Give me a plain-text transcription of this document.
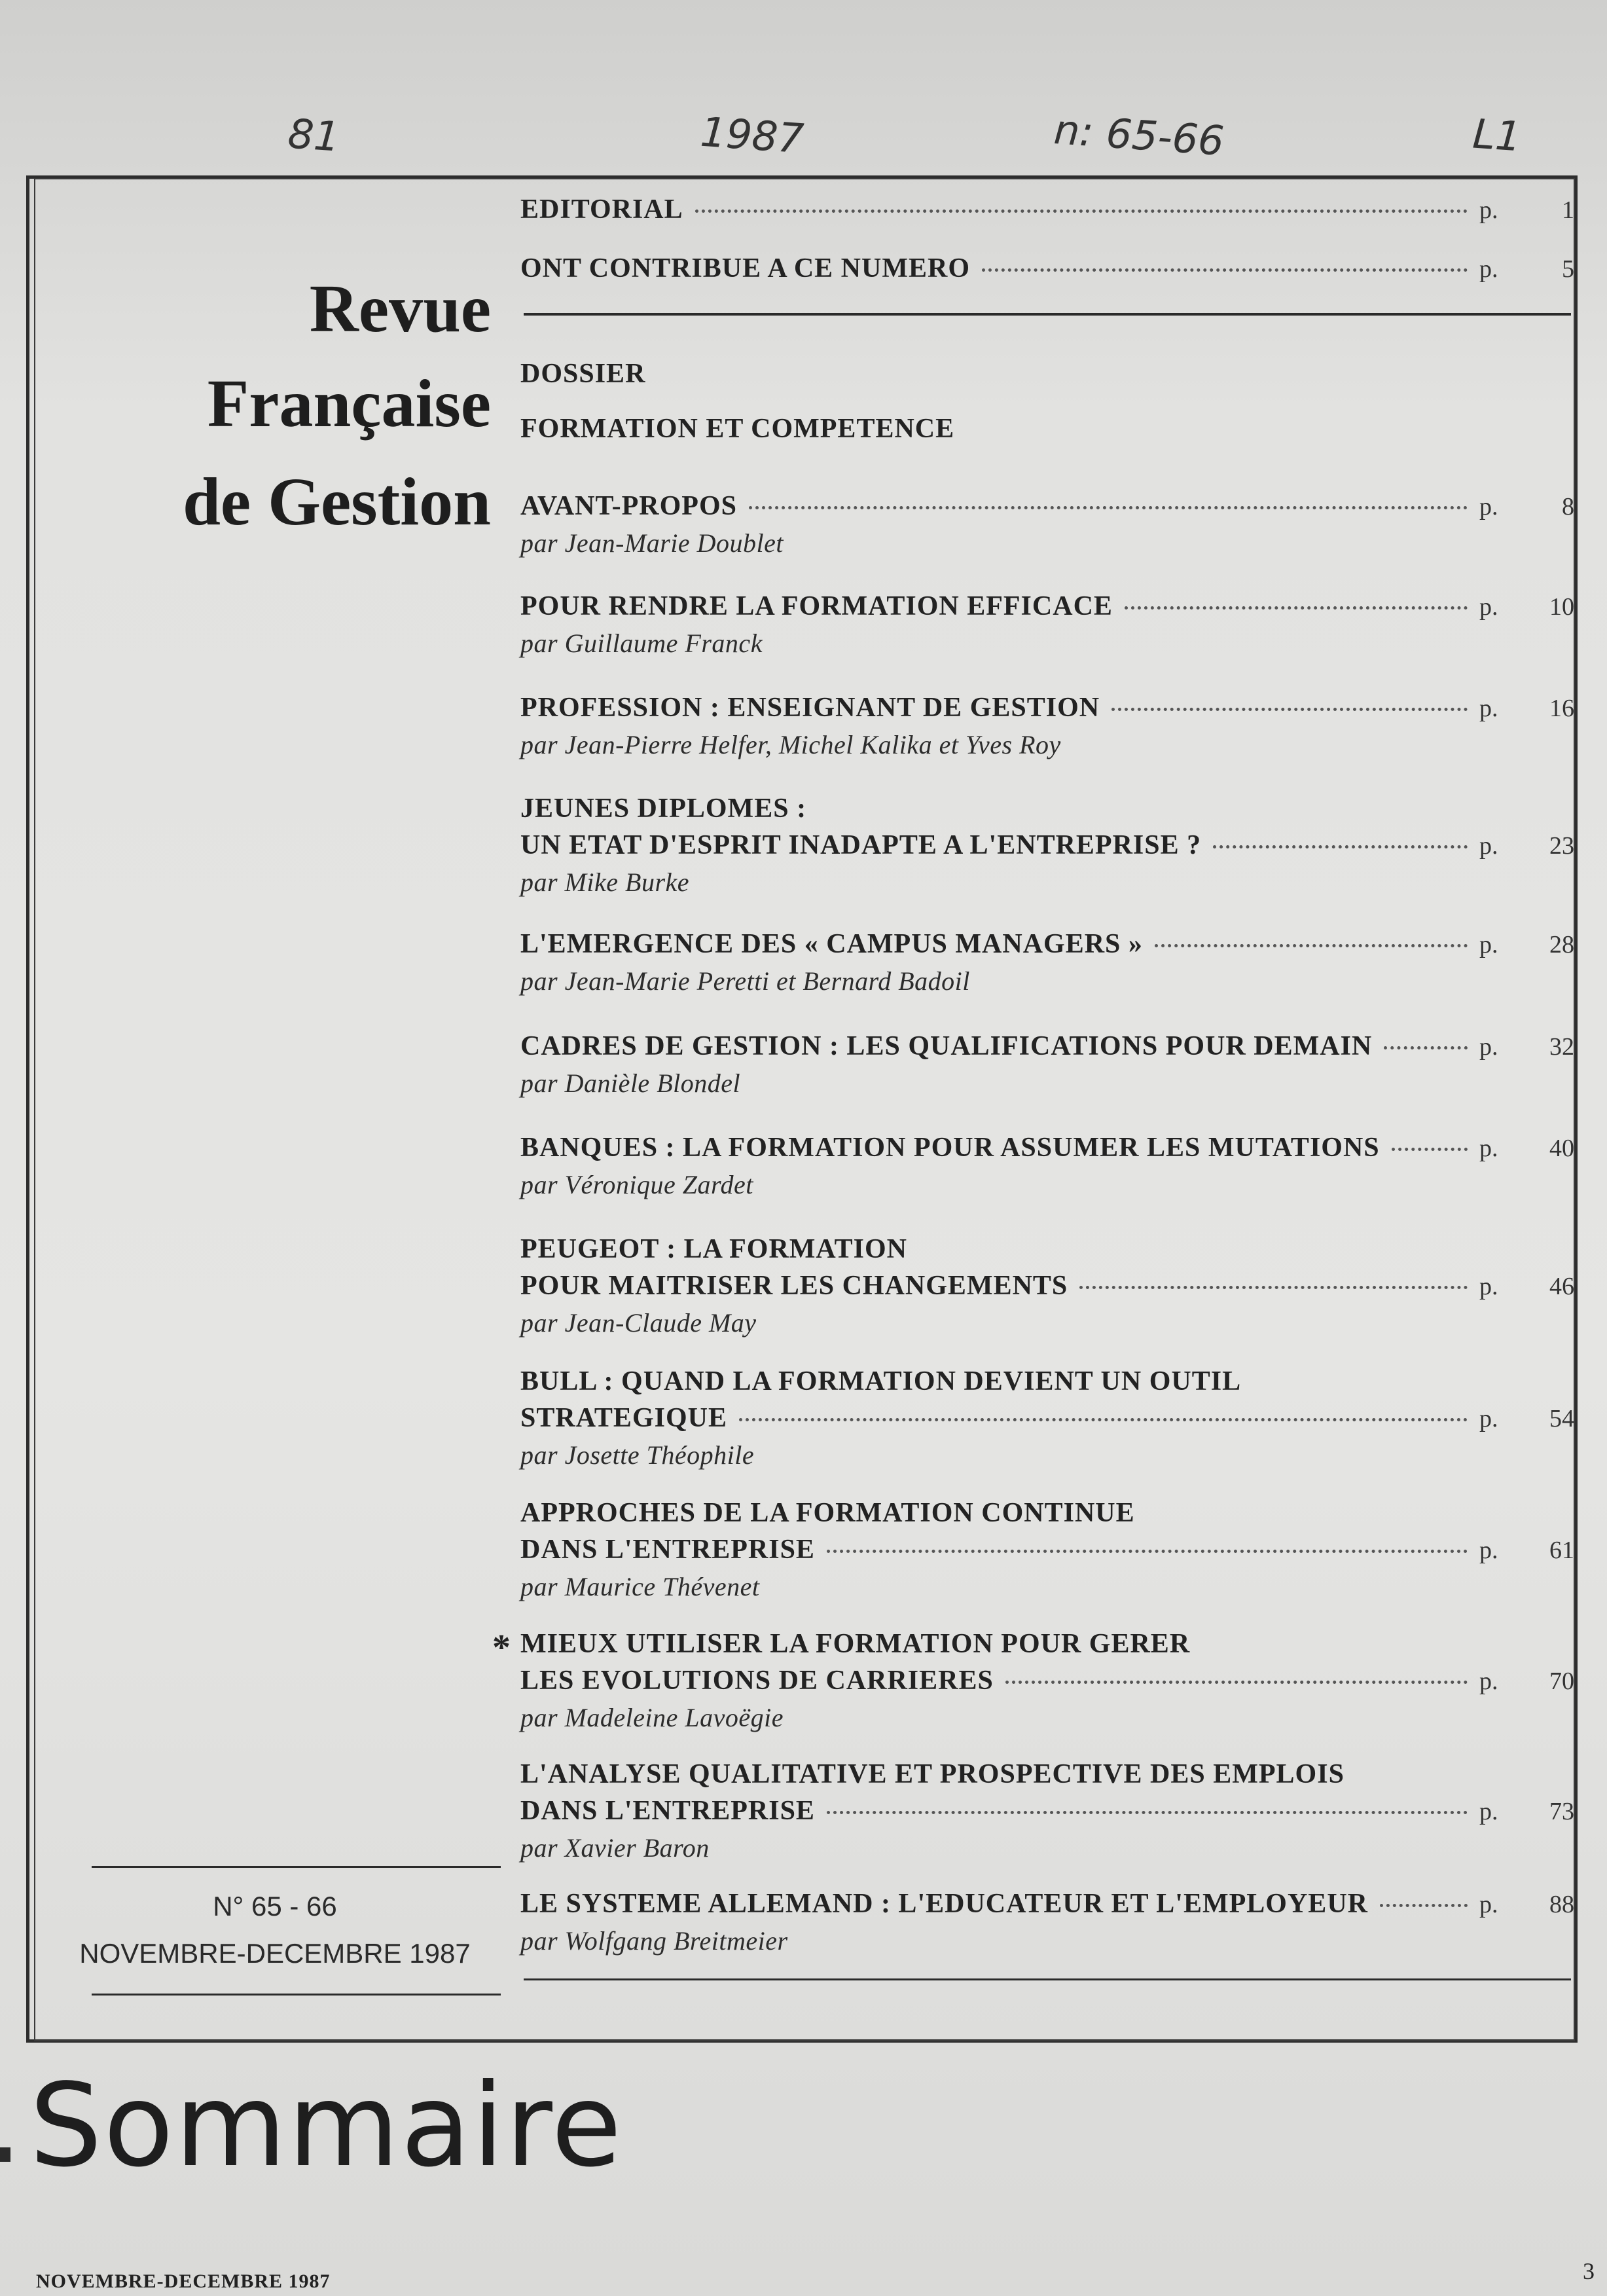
81	1987	n: 65-66	L1
Revue
Française
de Gestion
N° 65 - 66
NOVEMBRE-DECEMBRE 1987
EDITORIAL	p.	1
ONT CONTRIBUE A CE NUMERO	p.	5
DOSSIER
FORMATION ET COMPETENCE
AVANT-PROPOS	p.	8
par Jean-Marie Doublet
POUR RENDRE LA FORMATION EFFICACE	p. 10
par Guillaume Franck
PROFESSION : ENSEIGNANT DE GESTION	p. 16
par Jean-Pierre Helfer, Michel Kalika et Yves Roy
JEUNES DIPLOMES :
UN ETAT D'ESPRIT INADAPTE A L'ENTREPRISE ?	p. 23
par Mike Burke
L'EMERGENCE DES « CAMPUS MANAGERS »	p. 28
par Jean-Marie Peretti et Bernard Badoil
CADRES DE GESTION : LES QUALIFICATIONS POUR DEMAIN	p. 32
par Danièle Blondel
BANQUES : LA FORMATION POUR ASSUMER LES MUTATIONS	p. 40
par Véronique Zardet
PEUGEOT : LA FORMATION
POUR MAITRISER LES CHANGEMENTS	p. 46
par Jean-Claude May
BULL : QUAND LA FORMATION DEVIENT UN OUTIL
STRATEGIQUE	p. 54
par Josette Théophile
APPROCHES DE LA FORMATION CONTINUE
DANS L'ENTREPRISE	p. 61
par Maurice Thévenet
* MIEUX UTILISER LA FORMATION POUR GERER
LES EVOLUTIONS DE CARRIERES	p. 70
par Madeleine Lavoëgie
L'ANALYSE QUALITATIVE ET PROSPECTIVE DES EMPLOIS
DANS L'ENTREPRISE	p. 73
par Xavier Baron
LE SYSTEME ALLEMAND : L'EDUCATEUR ET L'EMPLOYEUR	p. 88
par Wolfgang Breitmeier
Sommaire
NOVEMBRE-DECEMBRE 1987	3
